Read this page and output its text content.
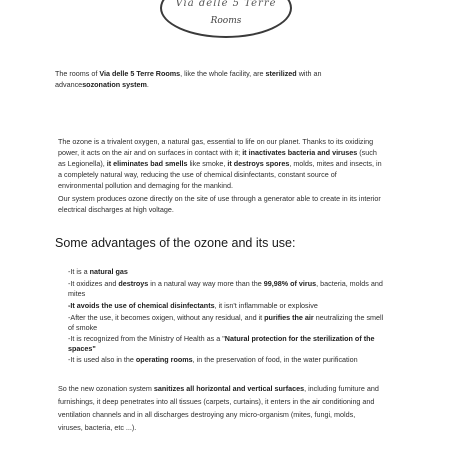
Via delle 5 Terre
Rooms
The rooms of Via delle 5 Terre Rooms, like the whole facility, are sterilized with an
advancesozonation system.
The ozone is a trivalent oxygen, a natural gas, essential to life on our planet. Thanks to its oxidizing
power, it acts on the air and on surfaces in contact with it; it inactivates bacteria and viruses (such
as Legionella), it eliminates bad smells like smoke, it destroys spores, molds, mites and insects, in
a completely natural way, reducing the use of chemical disinfectants, constant source of
environmental pollution and demaging for the mankind.
Our system produces ozone directly on the site of use through a generator able to create in its interior
electrical discharges at high voltage.
Some advantages of the ozone and its use:
-It is a natural gas
-It oxidizes and destroys in a natural way way more than the 99,98% of virus, bacteria, molds and
mites
-It avoids the use of chemical disinfectants, it isn't inflammable or explosive
-After the use, it becomes oxigen, without any residual, and it purifies the air neutralizing the smell
of smoke
-It is recognized from the Ministry of Health as a "Natural protection for the sterilization of the
spaces"
-It is used also in the operating rooms, in the preservation of food, in the water purification
So the new ozonation system sanitizes all horizontal and vertical surfaces, including furniture and
furnishings, it deep penetrates into all tissues (carpets, curtains), it enters in the air conditioning and
ventilation channels and in all discharges destroying any micro-organism (mites, fungi, molds,
viruses, bacteria, etc ...).
